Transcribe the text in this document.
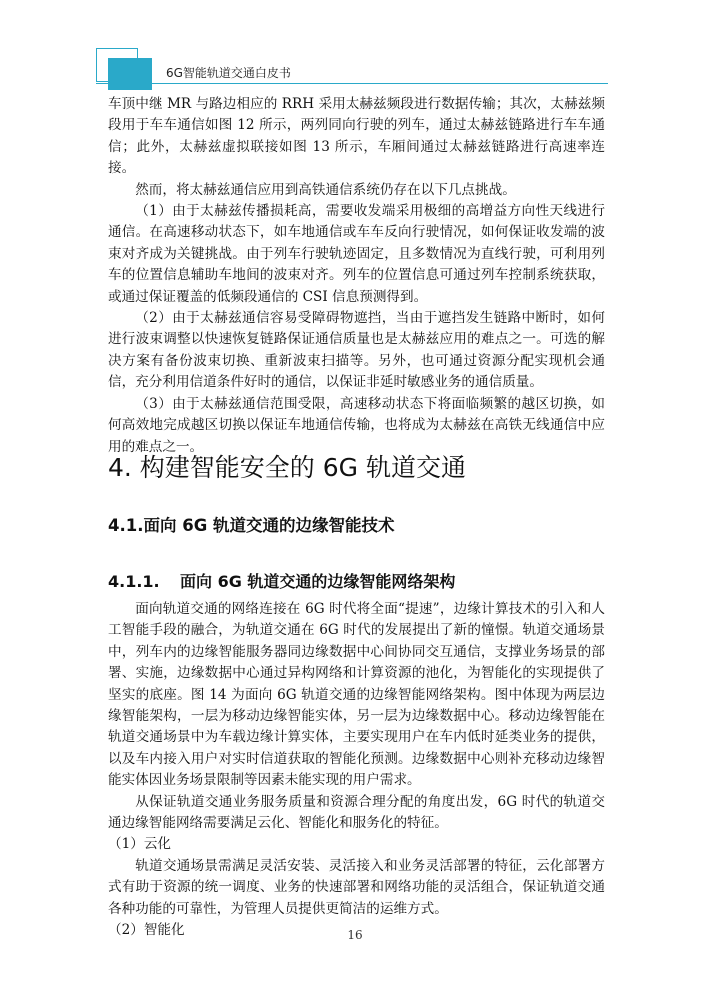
6G智能轨道交通白皮书

车顶中继 MR 与路边相应的 RRH 采用太赫兹频段进行数据传输；其次，太赫兹频段用于车车通信如图 12 所示，两列同向行驶的列车，通过太赫兹链路进行车车通信；此外，太赫兹虚拟联接如图 13 所示，车厢间通过太赫兹链路进行高速率连接。

然而，将太赫兹通信应用到高铁通信系统仍存在以下几点挑战。

（1）由于太赫兹传播损耗高，需要收发端采用极细的高增益方向性天线进行通信。在高速移动状态下，如车地通信或车车反向行驶情况，如何保证收发端的波束对齐成为关键挑战。由于列车行驶轨迹固定，且多数情况为直线行驶，可利用列车的位置信息辅助车地间的波束对齐。列车的位置信息可通过列车控制系统获取，或通过保证覆盖的低频段通信的 CSI 信息预测得到。

（2）由于太赫兹通信容易受障碍物遮挡，当由于遮挡发生链路中断时，如何进行波束调整以快速恢复链路保证通信质量也是太赫兹应用的难点之一。可选的解决方案有备份波束切换、重新波束扫描等。另外，也可通过资源分配实现机会通信，充分利用信道条件好时的通信，以保证非延时敏感业务的通信质量。

（3）由于太赫兹通信范围受限，高速移动状态下将面临频繁的越区切换，如何高效地完成越区切换以保证车地通信传输，也将成为太赫兹在高铁无线通信中应用的难点之一。

4. 构建智能安全的 6G 轨道交通
4.1.面向 6G 轨道交通的边缘智能技术
4.1.1. 面向 6G 轨道交通的边缘智能网络架构

面向轨道交通的网络连接在 6G 时代将全面“提速”，边缘计算技术的引入和人工智能手段的融合，为轨道交通在 6G 时代的发展提出了新的憧憬。轨道交通场景中，列车内的边缘智能服务器同边缘数据中心间协同交互通信，支撑业务场景的部署、实施，边缘数据中心通过异构网络和计算资源的池化，为智能化的实现提供了坚实的底座。图 14 为面向 6G 轨道交通的边缘智能网络架构。图中体现为两层边缘智能架构，一层为移动边缘智能实体，另一层为边缘数据中心。移动边缘智能在轨道交通场景中为车载边缘计算实体，主要实现用户在车内低时延类业务的提供，以及车内接入用户对实时信道获取的智能化预测。边缘数据中心则补充移动边缘智能实体因业务场景限制等因素未能实现的用户需求。

从保证轨道交通业务服务质量和资源合理分配的角度出发，6G 时代的轨道交通边缘智能网络需要满足云化、智能化和服务化的特征。

（1）云化

轨道交通场景需满足灵活安装、灵活接入和业务灵活部署的特征，云化部署方式有助于资源的统一调度、业务的快速部署和网络功能的灵活组合，保证轨道交通各种功能的可靠性，为管理人员提供更简洁的运维方式。

（2）智能化	16
